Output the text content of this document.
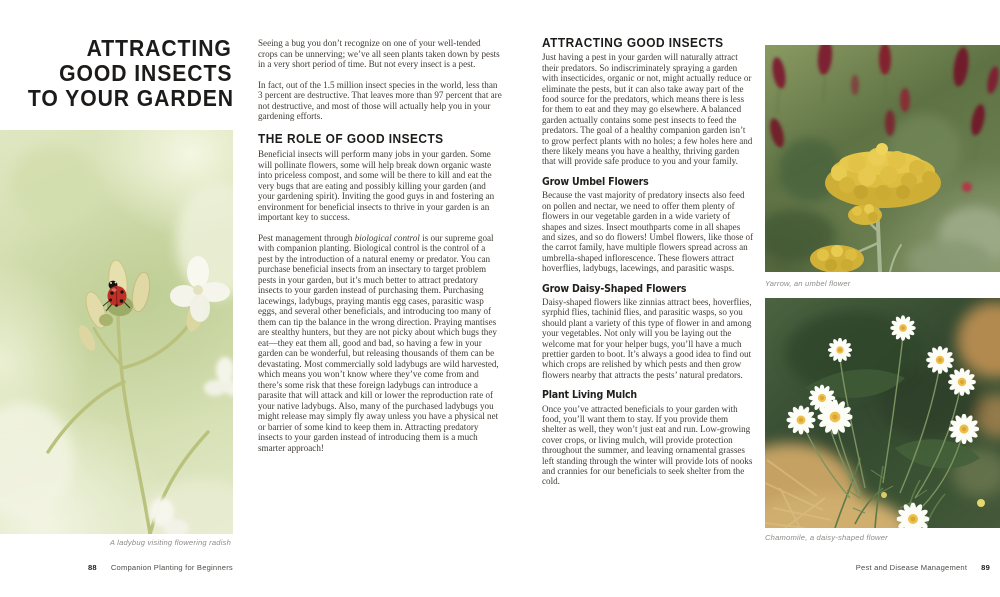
ATTRACTING
GOOD INSECTS
TO YOUR GARDEN
A ladybug visiting flowering radish

Seeing a bug you don’t recognize on one of your well-tended crops can be unnerving; we’ve all seen plants taken down by pests in a very short period of time. But not every insect is a pest.

In fact, out of the 1.5 million insect species in the world, less than 3 percent are destructive. That leaves more than 97 percent that are not destructive, and most of those will actually help you in your gardening efforts.

THE ROLE OF GOOD INSECTS

Beneficial insects will perform many jobs in your garden. Some will pollinate flowers, some will help break down organic waste into priceless compost, and some will be there to kill and eat the very bugs that are eating and possibly killing your garden (and your gardening spirit). Inviting the good guys in and fostering an environment for beneficial insects to thrive in your garden is an important key to success.

Pest management through biological control is our supreme goal with companion planting. Biological control is the control of a pest by the introduction of a natural enemy or predator. You can purchase beneficial insects from an insectary to target problem pests in your garden, but it’s much better to attract predatory insects to your garden instead of purchasing them. Purchasing lacewings, ladybugs, praying mantis egg cases, parasitic wasp eggs, and several other beneficials, and introducing too many of them can tip the balance in the wrong direction. Praying mantises are stealthy hunters, but they are not picky about which bugs they eat—they eat them all, good and bad, so having a few in your garden can be wonderful, but releasing thousands of them can be devastating. Most commercially sold ladybugs are wild harvested, which means you won’t know where they’ve come from and there’s some risk that these foreign ladybugs can introduce a parasite that will attack and kill or lower the reproduction rate of your native ladybugs. Also, many of the purchased ladybugs you might release may simply fly away unless you have a physical net or barrier of some kind to keep them in. Attracting predatory insects to your garden instead of introducing them is a much smarter approach!

88 Companion Planting for Beginners
ATTRACTING GOOD INSECTS

Just having a pest in your garden will naturally attract their predators. So indiscriminately spraying a garden with insecticides, organic or not, might actually reduce or eliminate the pests, but it can also take away part of the food source for the predators, which means there is less for them to eat and they may go elsewhere. A balanced garden actually contains some pest insects to feed the predators. The goal of a healthy companion garden isn’t to grow perfect plants with no holes; a few holes here and there likely means you have a healthy, thriving garden that will provide safe produce to you and your family.

Grow Umbel Flowers

Because the vast majority of predatory insects also feed on pollen and nectar, we need to offer them plenty of flowers in our vegetable garden in a wide variety of shapes and sizes. Insect mouthparts come in all shapes and sizes, and so do flowers! Umbel flowers, like those of the carrot family, have multiple flowers spread across an umbrella-shaped inflorescence. These flowers attract hoverflies, ladybugs, lacewings, and parasitic wasps.

Grow Daisy-Shaped Flowers

Daisy-shaped flowers like zinnias attract bees, hoverflies, syrphid flies, tachinid flies, and parasitic wasps, so you should plant a variety of this type of flower in and among your vegetables. Not only will you be laying out the welcome mat for your helper bugs, you’ll have a much prettier garden to boot. It’s always a good idea to find out which crops are relished by which pests and then grow flowers nearby that attracts the pests’ natural predators.

Plant Living Mulch

Once you’ve attracted beneficials to your garden with food, you’ll want them to stay. If you provide them shelter as well, they won’t just eat and run. Low-growing cover crops, or living mulch, will provide protection throughout the summer, and leaving ornamental grasses left standing through the winter will provide lots of nooks and crannies for our beneficials to seek shelter from the cold.

Yarrow, an umbel flower
Chamomile, a daisy-shaped flower
Pest and Disease Management 89
